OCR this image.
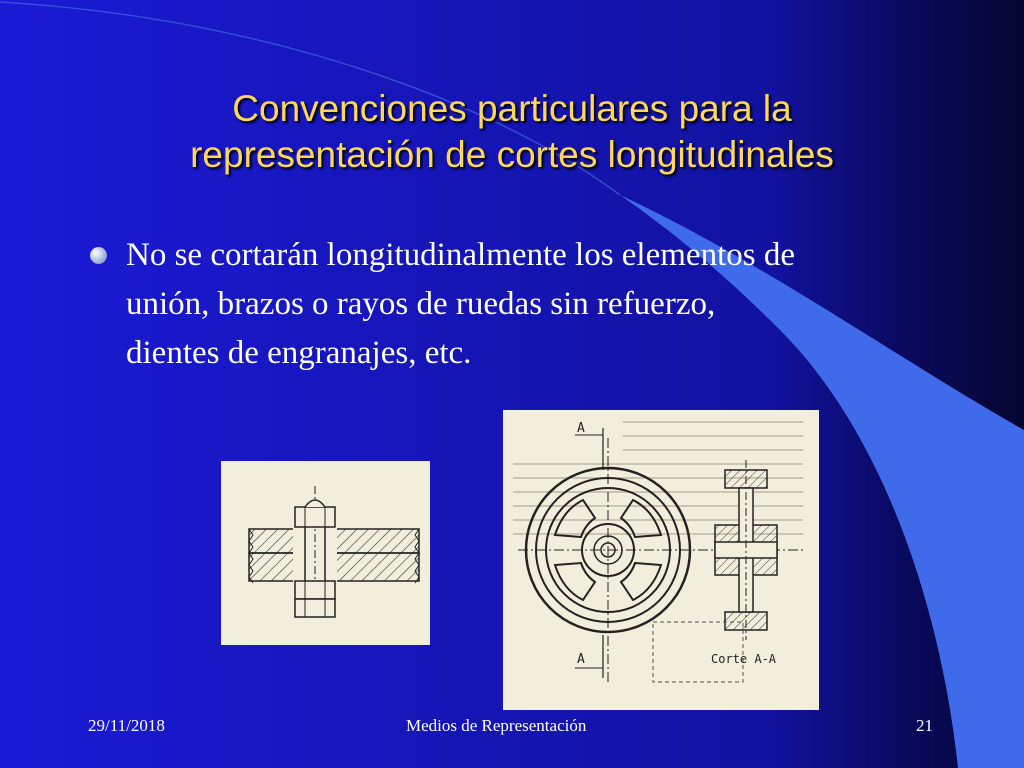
Convenciones particulares para la
representación de cortes longitudinales
No se cortarán longitudinalmente los elementos de
unión, brazos o rayos de ruedas sin refuerzo,
dientes de engranajes, etc.
A
A	Corte A-A
29/11/2018	Medios de Representación	21
